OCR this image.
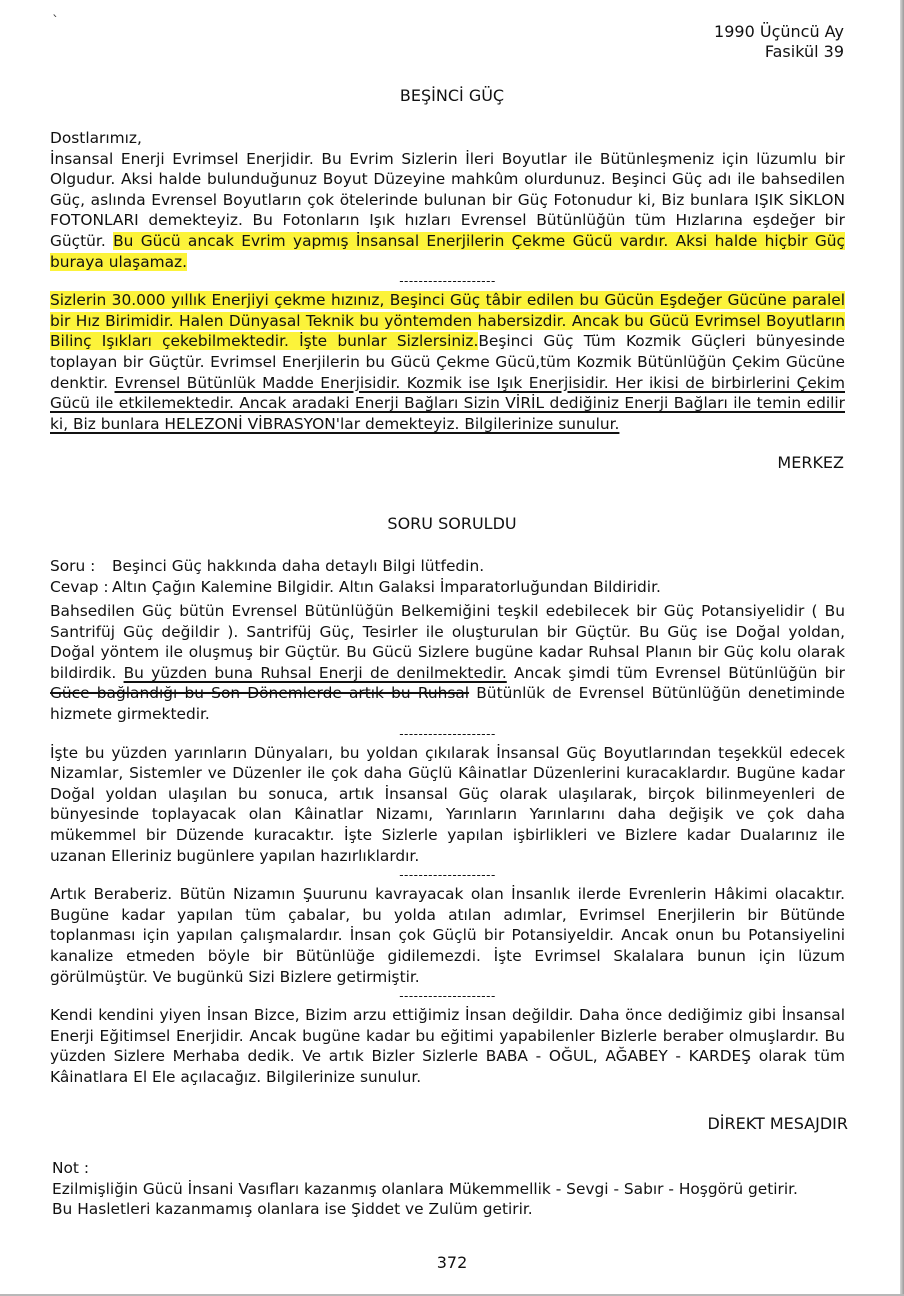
`	1990 Üçüncü Ay
Fasikül 39
BEŞİNCİ GÜÇ

Dostlarımız,

İnsansal Enerji Evrimsel Enerjidir. Bu Evrim Sizlerin İleri Boyutlar ile Bütünleşmeniz için lüzumlu bir Olgudur. Aksi halde bulunduğunuz Boyut Düzeyine mahkûm olurdunuz. Beşinci Güç adı ile bahsedilen Güç, aslında Evrensel Boyutların çok ötelerinde bulunan bir Güç Fotonudur ki, Biz bunlara IŞIK SİKLON FOTONLARI demekteyiz. Bu Fotonların Işık hızları Evrensel Bütünlüğün tüm Hızlarına eşdeğer bir Güçtür. Bu Gücü ancak Evrim yapmış İnsansal Enerjilerin Çekme Gücü vardır. Aksi halde hiçbir Güç buraya ulaşamaz.

--------------------

Sizlerin 30.000 yıllık Enerjiyi çekme hızınız, Beşinci Güç tâbir edilen bu Gücün Eşdeğer Gücüne paralel bir Hız Birimidir. Halen Dünyasal Teknik bu yöntemden habersizdir. Ancak bu Gücü Evrimsel Boyutların Bilinç Işıkları çekebilmektedir. İşte bunlar Sizlersiniz.Beşinci Güç Tüm Kozmik Güçleri bünyesinde toplayan bir Güçtür. Evrimsel Enerjilerin bu Gücü Çekme Gücü,tüm Kozmik Bütünlüğün Çekim Gücüne denktir. Evrensel Bütünlük Madde Enerjisidir. Kozmik ise Işık Enerjisidir. Her ikisi de birbirlerini Çekim Gücü ile etkilemektedir. Ancak aradaki Enerji Bağları Sizin VİRİL dediğiniz Enerji Bağları ile temin edilir ki, Biz bunlara HELEZONİ VİBRASYON'lar demekteyiz. Bilgilerinize sunulur.

MERKEZ
SORU SORULDU
Soru : Beşinci Güç hakkında daha detaylı Bilgi lütfedin.
Cevap : Altın Çağın Kalemine Bilgidir. Altın Galaksi İmparatorluğundan Bildiridir.

Bahsedilen Güç bütün Evrensel Bütünlüğün Belkemiğini teşkil edebilecek bir Güç Potansiyelidir ( Bu Santrifüj Güç değildir ). Santrifüj Güç, Tesirler ile oluşturulan bir Güçtür. Bu Güç ise Doğal yoldan, Doğal yöntem ile oluşmuş bir Güçtür. Bu Gücü Sizlere bugüne kadar Ruhsal Planın bir Güç kolu olarak bildirdik. Bu yüzden buna Ruhsal Enerji de denilmektedir. Ancak şimdi tüm Evrensel Bütünlüğün bir Güce bağlandığı bu Son Dönemlerde artık bu Ruhsal Bütünlük de Evrensel Bütünlüğün denetiminde hizmete girmektedir.

--------------------

İşte bu yüzden yarınların Dünyaları, bu yoldan çıkılarak İnsansal Güç Boyutlarından teşekkül edecek Nizamlar, Sistemler ve Düzenler ile çok daha Güçlü Kâinatlar Düzenlerini kuracaklardır. Bugüne kadar Doğal yoldan ulaşılan bu sonuca, artık İnsansal Güç olarak ulaşılarak, birçok bilinmeyenleri de bünyesinde toplayacak olan Kâinatlar Nizamı, Yarınların Yarınlarını daha değişik ve çok daha mükemmel bir Düzende kuracaktır. İşte Sizlerle yapılan işbirlikleri ve Bizlere kadar Dualarınız ile uzanan Elleriniz bugünlere yapılan hazırlıklardır.

--------------------

Artık Beraberiz. Bütün Nizamın Şuurunu kavrayacak olan İnsanlık ilerde Evrenlerin Hâkimi olacaktır. Bugüne kadar yapılan tüm çabalar, bu yolda atılan adımlar, Evrimsel Enerjilerin bir Bütünde toplanması için yapılan çalışmalardır. İnsan çok Güçlü bir Potansiyeldir. Ancak onun bu Potansiyelini kanalize etmeden böyle bir Bütünlüğe gidilemezdi. İşte Evrimsel Skalalara bunun için lüzum görülmüştür. Ve bugünkü Sizi Bizlere getirmiştir.

--------------------

Kendi kendini yiyen İnsan Bizce, Bizim arzu ettiğimiz İnsan değildir. Daha önce dediğimiz gibi İnsansal Enerji Eğitimsel Enerjidir. Ancak bugüne kadar bu eğitimi yapabilenler Bizlerle beraber olmuşlardır. Bu yüzden Sizlere Merhaba dedik. Ve artık Bizler Sizlerle BABA - OĞUL, AĞABEY - KARDEŞ olarak tüm Kâinatlara El Ele açılacağız. Bilgilerinize sunulur.

DİREKT MESAJDIR

Not :

Ezilmişliğin Gücü İnsani Vasıfları kazanmış olanlara Mükemmellik - Sevgi - Sabır - Hoşgörü getirir.

Bu Hasletleri kazanmamış olanlara ise Şiddet ve Zulüm getirir.

372
